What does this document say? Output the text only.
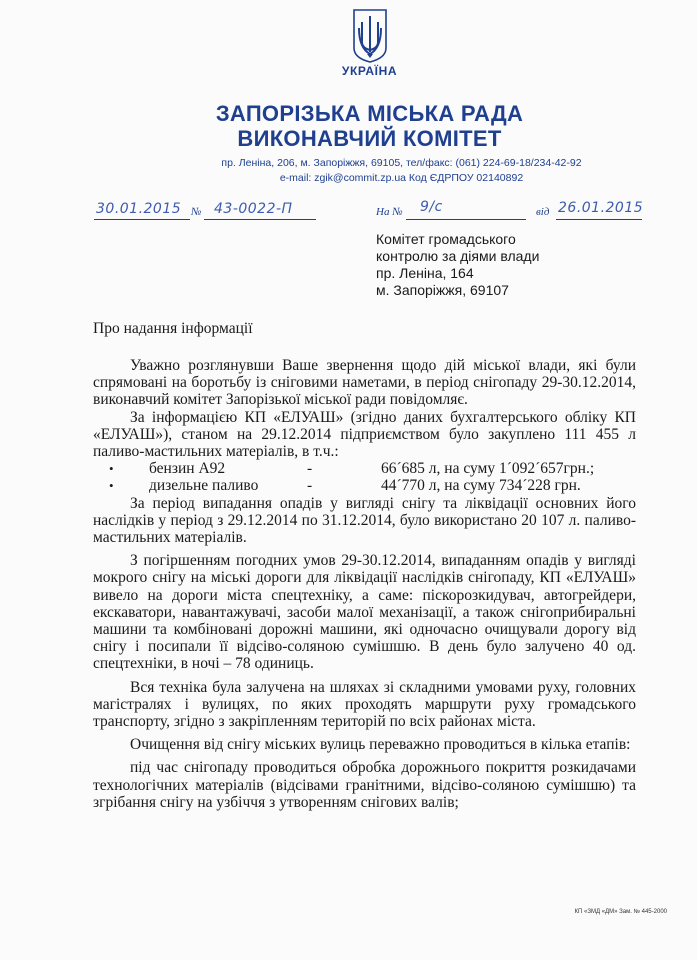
УКРАЇНА
ЗАПОРІЗЬКА МІСЬКА РАДА
ВИКОНАВЧИЙ КОМІТЕТ
пр. Леніна, 206, м. Запоріжжя, 69105, тел/факс: (061) 224-69-18/234-42-92
e-mail: zgik@commit.zp.ua Код ЄДРПОУ 02140892
30.01.2015 № 43-0022-П	На № 9/с	від 26.01.2015
Комітет громадського
контролю за діями влади
пр. Леніна, 164
м. Запоріжжя, 69107
Про надання інформації

Уважно розглянувши Ваше звернення щодо дій міської влади, які були спрямовані на боротьбу із сніговими наметами, в період снігопаду 29-30.12.2014, виконавчий комітет Запорізької міської ради повідомляє.

За інформацією КП «ЕЛУАШ» (згідно даних бухгалтерського обліку КП «ЕЛУАШ»), станом на 29.12.2014 підприємством було закуплено 111 455 л паливо-мастильних матеріалів, в т.ч.:

•	бензин А92	-	66´685 л, на суму 1´092´657грн.;
•	дизельне паливо	-	44´770 л, на суму 734´228 грн.

За період випадання опадів у вигляді снігу та ліквідації основних його наслідків у період з 29.12.2014 по 31.12.2014, було використано 20 107 л. паливо-мастильних матеріалів.

З погіршенням погодних умов 29-30.12.2014, випаданням опадів у вигляді мокрого снігу на міські дороги для ліквідації наслідків снігопаду, КП «ЕЛУАШ» вивело на дороги міста спецтехніку, а саме: піскорозкидувач, автогрейдери, екскаватори, навантажувачі, засоби малої механізації, а також снігоприбиральні машини та комбіновані дорожні машини, які одночасно очищували дорогу від снігу і посипали її відсіво-соляною сумішшю. В день було залучено 40 од. спецтехніки, в ночі – 78 одиниць.

Вся техніка була залучена на шляхах зі складними умовами руху, головних магістралях і вулицях, по яких проходять маршрути руху громадського транспорту, згідно з закріпленням територій по всіх районах міста.

Очищення від снігу міських вулиць переважно проводиться в кілька етапів:

під час снігопаду проводиться обробка дорожнього покриття розкидачами технологічних матеріалів (відсівами гранітними, відсіво-соляною сумішшю) та згрібання снігу на узбіччя з утворенням снігових валів;

КП «ЗМД «ДМ» Зам. № 445-2000
